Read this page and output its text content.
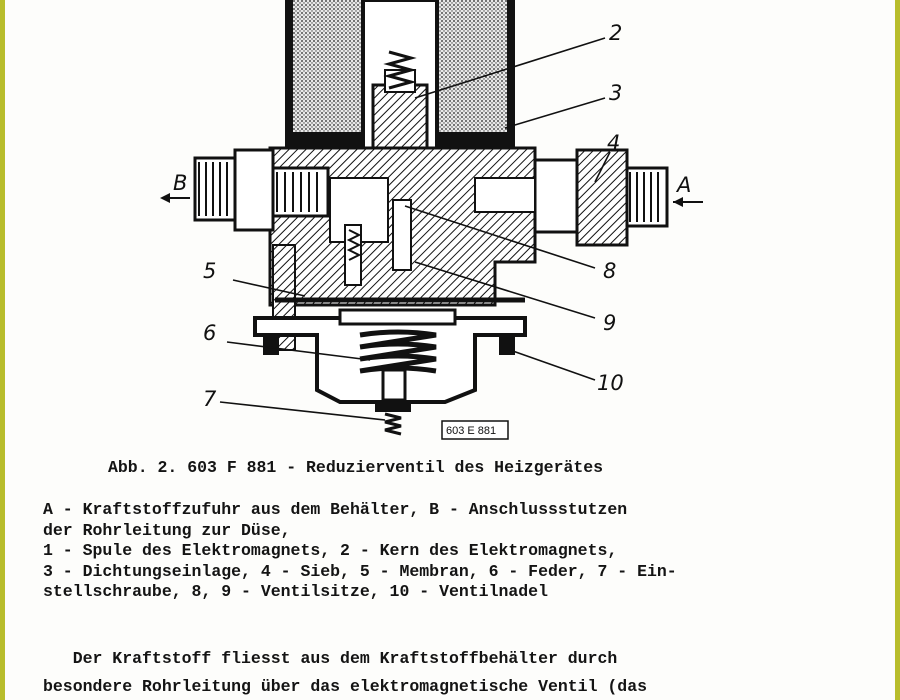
2
3
4
5
6
7
8
9
10
A
B
603 E 881
Abb. 2. 603 F 881 - Reduzierventil des Heizgerätes
A - Kraftstoffzufuhr aus dem Behälter, B - Anschlussstutzen
der Rohrleitung zur Düse,
1 - Spule des Elektromagnets, 2 - Kern des Elektromagnets,
3 - Dichtungseinlage, 4 - Sieb, 5 - Membran, 6 - Feder, 7 - Ein-
stellschraube, 8, 9 - Ventilsitze, 10 - Ventilnadel
Der Kraftstoff fliesst aus dem Kraftstoffbehälter durch
besondere Rohrleitung über das elektromagnetische Ventil (das
